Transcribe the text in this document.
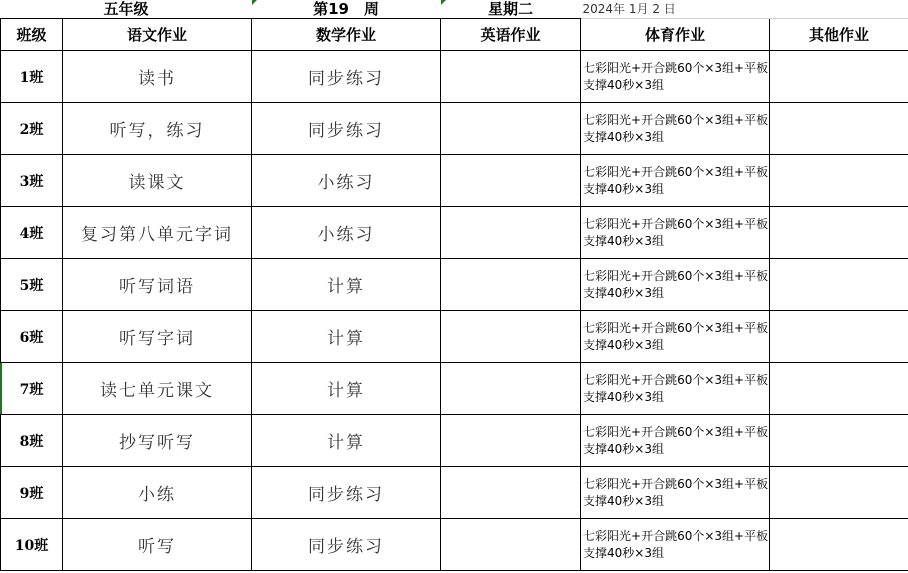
五年级		第19　周	星期二	2024年 1月 2 日	
班级	语文作业	数学作业	英语作业	体育作业	其他作业
1班	读书	同步练习		七彩阳光+开合跳60个×3组+平板支撑40秒×3组	
2班	听写，练习	同步练习		七彩阳光+开合跳60个×3组+平板支撑40秒×3组	
3班	读课文	小练习		七彩阳光+开合跳60个×3组+平板支撑40秒×3组	
4班	复习第八单元字词	小练习		七彩阳光+开合跳60个×3组+平板支撑40秒×3组	
5班	听写词语	计算		七彩阳光+开合跳60个×3组+平板支撑40秒×3组	
6班	听写字词	计算		七彩阳光+开合跳60个×3组+平板支撑40秒×3组	
7班	读七单元课文	计算		七彩阳光+开合跳60个×3组+平板支撑40秒×3组	
8班	抄写听写	计算		七彩阳光+开合跳60个×3组+平板支撑40秒×3组	
9班	小练	同步练习		七彩阳光+开合跳60个×3组+平板支撑40秒×3组	
10班	听写	同步练习		七彩阳光+开合跳60个×3组+平板支撑40秒×3组	
